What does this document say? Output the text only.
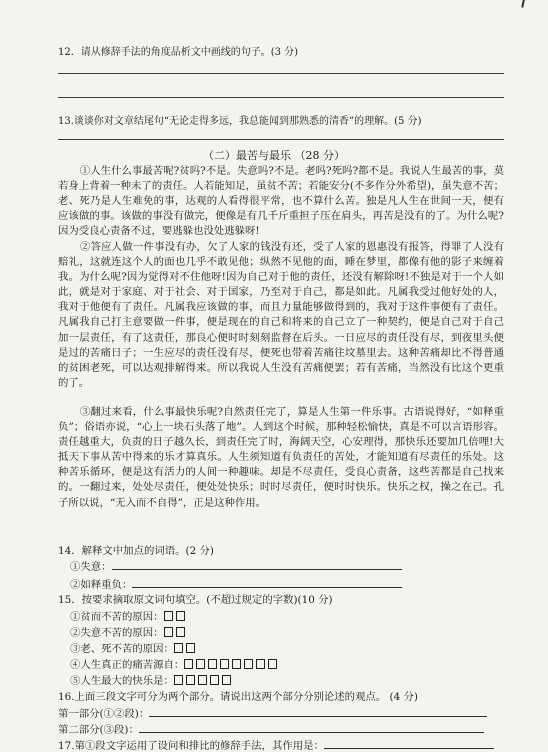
12．请从修辞手法的角度品析文中画线的句子。(3 分)
13.谈谈你对文章结尾句“无论走得多远，我总能闻到那熟悉的清香”的理解。(5 分)
（二）最苦与最乐 （28 分）

①人生什么事最苦呢?贫吗?不是。失意吗?不是。老吗?死吗?都不是。我说人生最苦的事，莫若身上背着一种未了的责任。人若能知足，虽贫不苦；若能安分(不多作分外希望)，虽失意不苦；老、死乃是人生难免的事，达观的人看得很平常，也不算什么苦。独是凡人生在世间一天，便有应该做的事。该做的事没有做完，便像是有几千斤重担子压在肩头，再苦是没有的了。为什么呢?因为受良心责备不过，要逃躲也没处逃躲呀!

②答应人做一件事没有办，欠了人家的钱没有还，受了人家的恩惠没有报答，得罪了人没有赔礼，这就连这个人的面也几乎不敢见他；纵然不见他的面，睡在梦里，都像有他的影子来缠着我。为什么呢?因为觉得对不住他呀!因为自己对于他的责任，还没有解除呀!不独是对于一个人如此，就是对于家庭、对于社会、对于国家，乃至对于自己，都是如此。凡属我受过他好处的人，我对于他便有了责任。凡属我应该做的事，而且力量能够做得到的，我对于这件事便有了责任。凡属我自己打主意要做一件事，便是现在的自己和将来的自己立了一种契约，便是自己对于自己加一层责任，有了这责任，那良心便时时刻刻监督在后头。一日应尽的责任没有尽，到夜里头便是过的苦痛日子；一生应尽的责任没有尽，便死也带着苦痛往坟墓里去。这种苦痛却比不得普通的贫困老死，可以达观排解得来。所以我说人生没有苦痛便罢；若有苦痛，当然没有比这个更重的了。

③翻过来看，什么事最快乐呢?自然责任完了，算是人生第一件乐事。古语说得好，“如释重负”；俗语亦说，“心上一块石头落了地”。人到这个时候，那种轻松愉快，真是不可以言语形容。责任越重大，负责的日子越久长，到责任完了时，海阔天空，心安理得，那快乐还要加几倍哩!大抵天下事从苦中得来的乐才算真乐。人生须知道有负责任的苦处，才能知道有尽责任的乐处。这种苦乐循环，便是这有活力的人间一种趣味。却是不尽责任，受良心责备，这些苦都是自己找来的。一翻过来，处处尽责任，便处处快乐；时时尽责任，便时时快乐。快乐之权，操之在己。孔子所以说，“无入而不自得”，正是这种作用。

14．解释文中加点的词语。(2 分)
①失意：
②如释重负：
15．按要求摘取原文词句填空。(不超过规定的字数)(10 分)
①贫而不苦的原因：
②失意不苦的原因：
③老、死不苦的原因：
④人生真正的痛苦源自：
⑤人生最大的快乐是：
16.上面三段文字可分为两个部分。请说出这两个部分分别论述的观点。 (4 分)
第一部分(①②段)：
第二部分(③段)：
17.第①段文字运用了设问和排比的修辞手法，其作用是：
